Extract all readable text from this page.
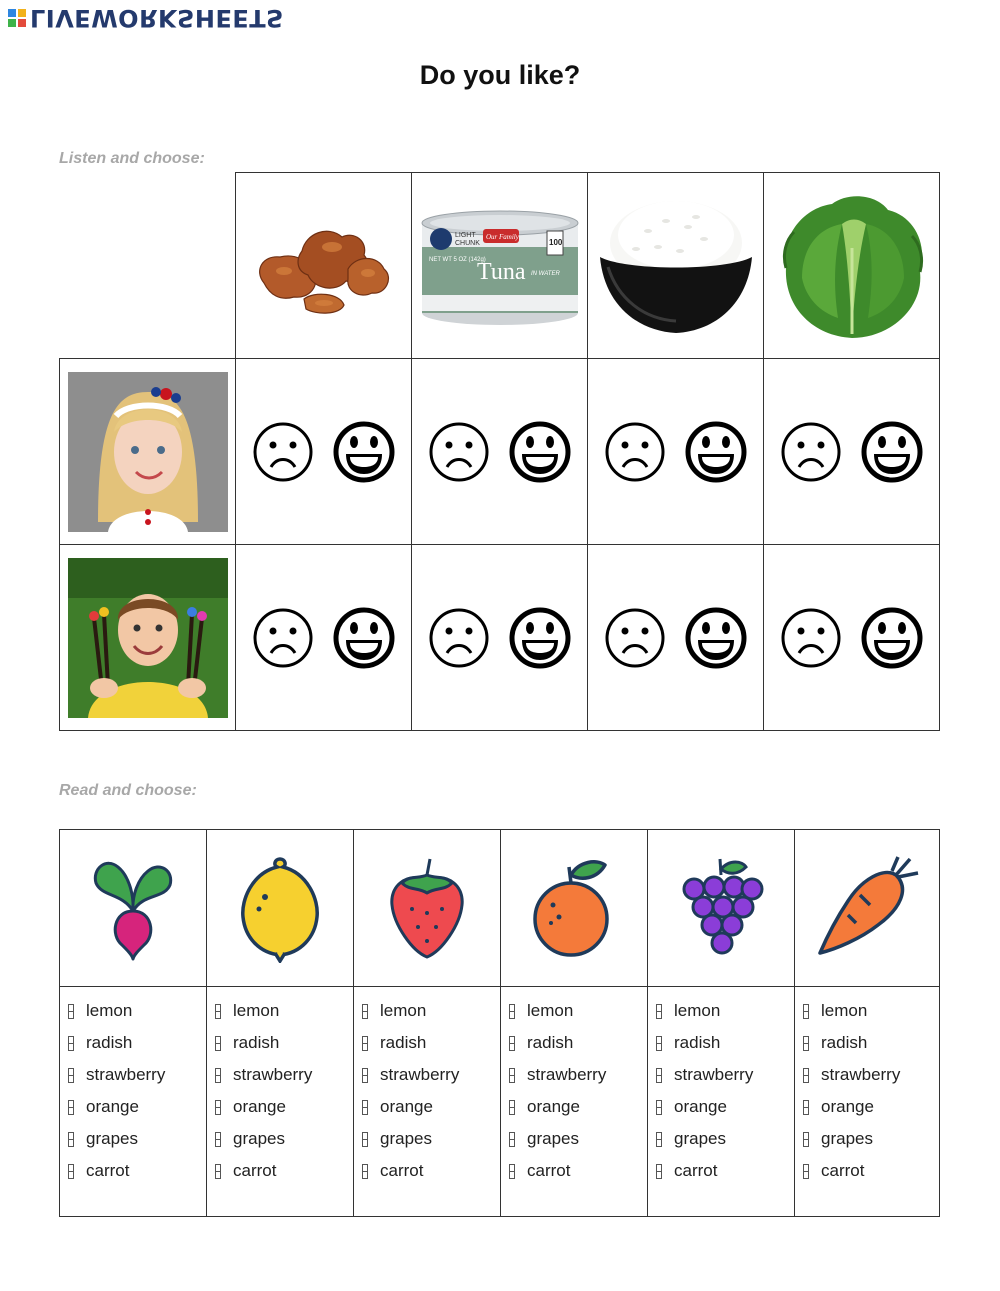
LIVEWORKSHEETS
Do you like?

Listen and choose:

LIGHT
CHUNK
Our Family
100
NET WT 5 OZ (142g)
Tuna IN WATER

Read and choose:

lemon
radish
strawberry
orange
grapes
carrot
lemon
radish
strawberry
orange
grapes
carrot
lemon
radish
strawberry
orange
grapes
carrot
lemon
radish
strawberry
orange
grapes
carrot
lemon
radish
strawberry
orange
grapes
carrot
lemon
radish
strawberry
orange
grapes
carrot
